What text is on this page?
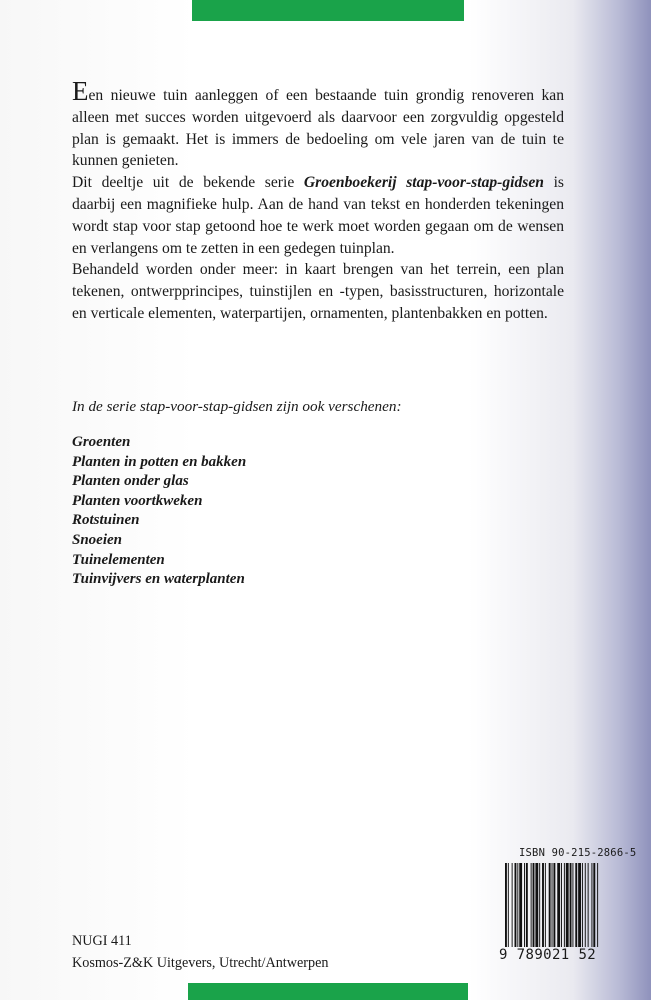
Een nieuwe tuin aanleggen of een bestaande tuin grondig renoveren kan alleen met succes worden uitgevoerd als daarvoor een zorgvuldig opgesteld plan is gemaakt. Het is immers de bedoeling om vele jaren van de tuin te kunnen genieten.

Dit deeltje uit de bekende serie Groenboekerij stap-voor-stap-gidsen is daarbij een magnifieke hulp. Aan de hand van tekst en honderden tekeningen wordt stap voor stap getoond hoe te werk moet worden gegaan om de wensen en verlangens om te zetten in een gedegen tuinplan.

Behandeld worden onder meer: in kaart brengen van het terrein, een plan tekenen, ontwerpprincipes, tuinstijlen en -typen, basisstructuren, horizontale en verticale elementen, waterpartijen, ornamenten, plantenbakken en potten.

In de serie stap-voor-stap-gidsen zijn ook verschenen:
Groenten
Planten in potten en bakken
Planten onder glas
Planten voortkweken
Rotstuinen
Snoeien
Tuinelementen
Tuinvijvers en waterplanten
ISBN 90-215-2866-5
9 789021 52
NUGI 411
Kosmos-Z&K Uitgevers, Utrecht/Antwerpen
